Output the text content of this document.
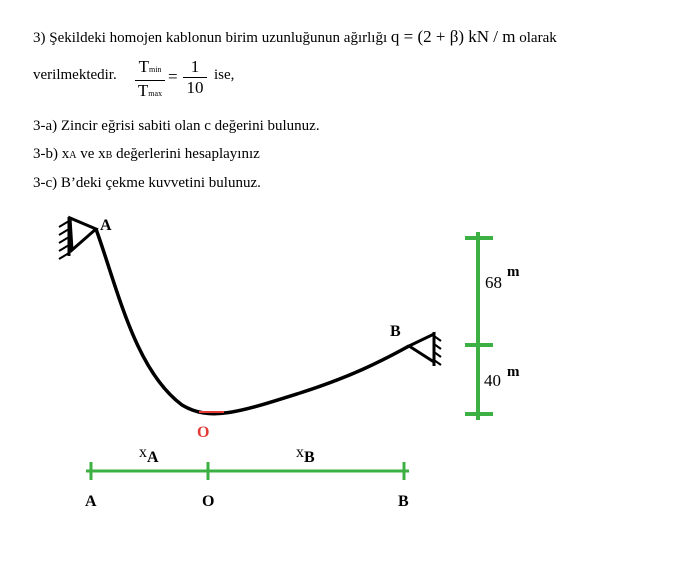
3) Şekildeki homojen kablonun birim uzunluğunun ağırlığı q = (2 + β) kN / m olarak
verilmektedir. Tmin
Tmax
=
1
10
ise,
3-a) Zincir eğrisi sabiti olan c değerini bulunuz.
3-b) xA ve xB değerlerini hesaplayınız
3-c) B’deki çekme kuvvetini bulunuz.
A
O
B
68
m
40 m
xA	xB
A	O	B
